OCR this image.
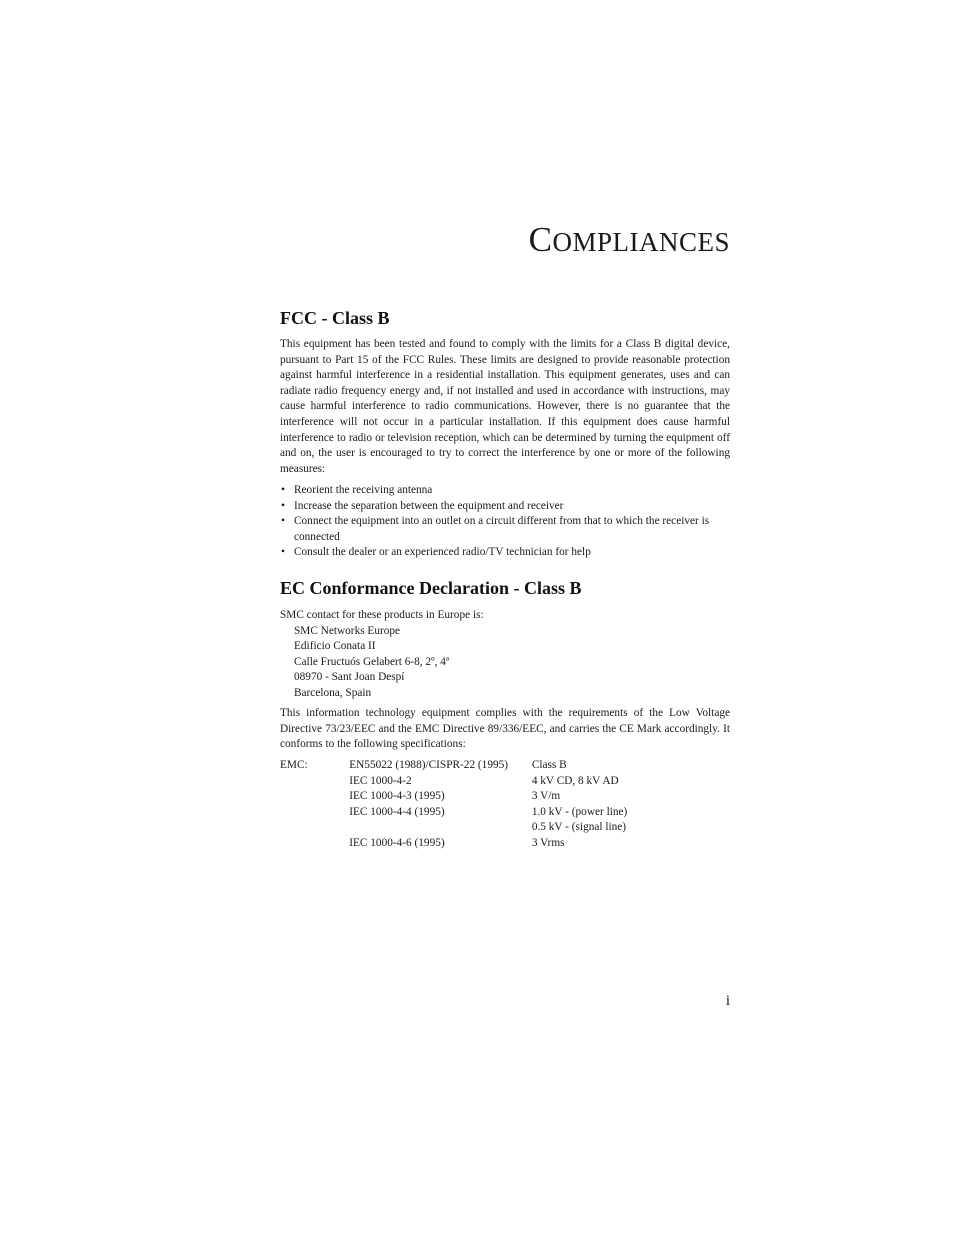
COMPLIANCES
FCC - Class B

This equipment has been tested and found to comply with the limits for a Class B digital device, pursuant to Part 15 of the FCC Rules. These limits are designed to provide reasonable protection against harmful interference in a residential installation. This equipment generates, uses and can radiate radio frequency energy and, if not installed and used in accordance with instructions, may cause harmful interference to radio communications. However, there is no guarantee that the interference will not occur in a particular installation. If this equipment does cause harmful interference to radio or television reception, which can be determined by turning the equipment off and on, the user is encouraged to try to correct the interference by one or more of the following measures:

• Reorient the receiving antenna
• Increase the separation between the equipment and receiver
• Connect the equipment into an outlet on a circuit different from that to which the receiver is connected
• Consult the dealer or an experienced radio/TV technician for help
EC Conformance Declaration - Class B
SMC contact for these products in Europe is:
SMC Networks Europe
Edificio Conata II
Calle Fructuós Gelabert 6-8, 2º, 4ª
08970 - Sant Joan Despí
Barcelona, Spain

This information technology equipment complies with the requirements of the Low Voltage Directive 73/23/EEC and the EMC Directive 89/336/EEC, and carries the CE Mark accordingly. It conforms to the following specifications:

EMC:	EN55022 (1988)/CISPR-22 (1995)	Class B
	IEC 1000-4-2	4 kV CD, 8 kV AD
	IEC 1000-4-3 (1995)	3 V/m
	IEC 1000-4-4 (1995)	1.0 kV - (power line)
		0.5 kV - (signal line)
	IEC 1000-4-6 (1995)	3 Vrms

i
